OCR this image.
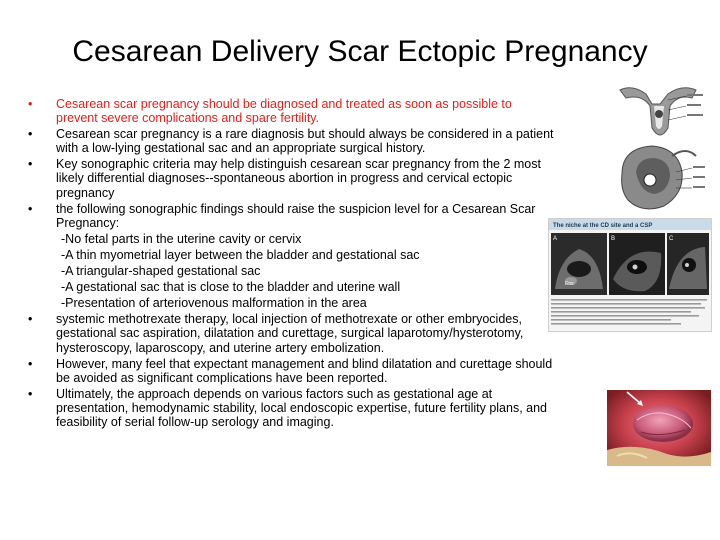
Cesarean Delivery Scar Ectopic Pregnancy
•	Cesarean scar pregnancy should be diagnosed and treated as soon as possible to prevent severe complications and spare fertility.
•	Cesarean scar pregnancy is a rare diagnosis but should always be considered in a patient with a low-lying gestational sac and an appropriate surgical history.
•	Key sonographic criteria may help distinguish cesarean scar pregnancy from the 2 most likely differential diagnoses--spontaneous abortion in progress and cervical ectopic pregnancy
•	the following sonographic findings should raise the suspicion level for a Cesarean Scar Pregnancy:
-No fetal parts in the uterine cavity or cervix
-A thin myometrial layer between the bladder and gestational sac
-A triangular-shaped gestational sac
-A gestational sac that is close to the bladder and uterine wall
-Presentation of arteriovenous malformation in the area
•	systemic methotrexate therapy, local injection of methotrexate or other embryocides, gestational sac aspiration, dilatation and curettage, surgical laparotomy/hysterotomy, hysteroscopy, laparoscopy, and uterine artery embolization.
•	However, many feel that expectant management and blind dilatation and curettage should be avoided as significant complications have been reported.
•	Ultimately, the approach depends on various factors such as gestational age at presentation, hemodynamic stability, local endoscopic expertise, future fertility plans, and feasibility of serial follow-up serology and imaging.
The niche at the CD site and a CSP
A
Ens
B	C
